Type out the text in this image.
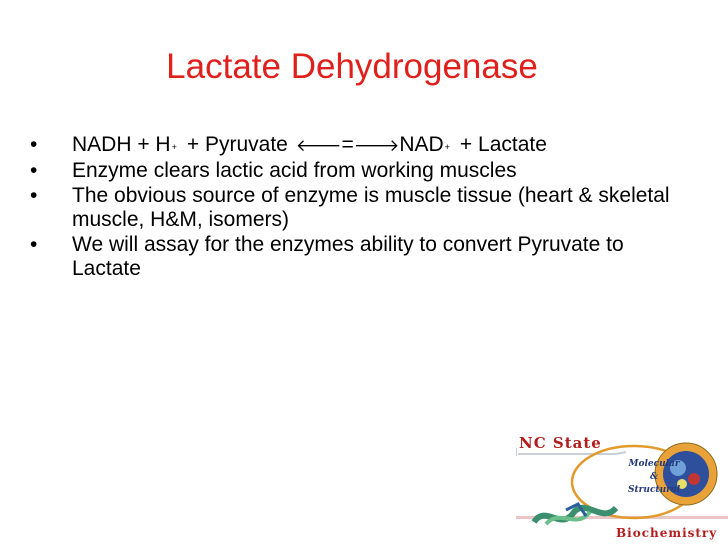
Lactate Dehydrogenase
• NADH + H+ + Pyruvate 🡐=🡒NAD+ + Lactate
• Enzyme clears lactic acid from working muscles
• The obvious source of enzyme is muscle tissue (heart & skeletal muscle, H&M, isomers)
• We will assay for the enzymes ability to convert Pyruvate to Lactate
NC State
Molecular
&
Structural
Biochemistry
